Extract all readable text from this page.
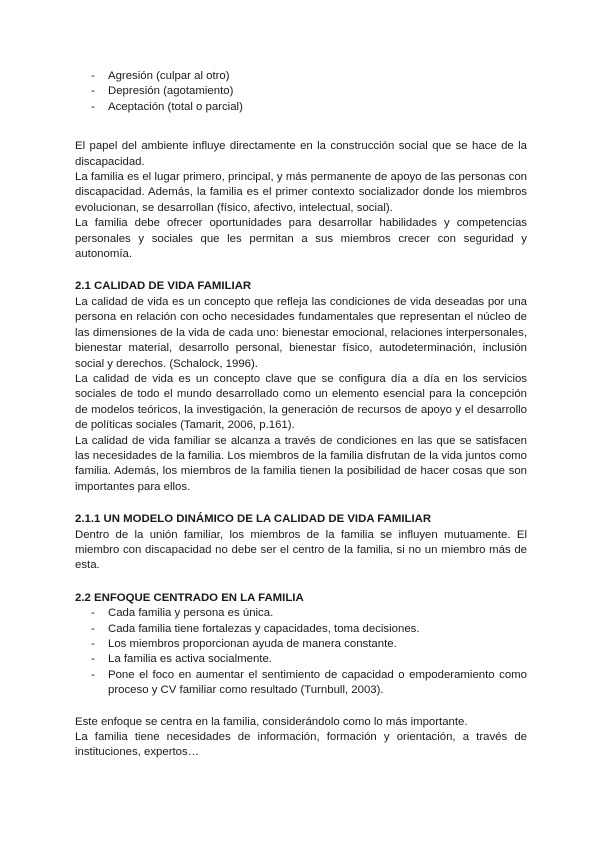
- Agresión (culpar al otro)
- Depresión (agotamiento)
- Aceptación (total o parcial)

El papel del ambiente influye directamente en la construcción social que se hace de la discapacidad.

La familia es el lugar primero, principal, y más permanente de apoyo de las personas con discapacidad. Además, la familia es el primer contexto socializador donde los miembros evolucionan, se desarrollan (físico, afectivo, intelectual, social).

La familia debe ofrecer oportunidades para desarrollar habilidades y competencias personales y sociales que les permitan a sus miembros crecer con seguridad y autonomía.

2.1 CALIDAD DE VIDA FAMILIAR

La calidad de vida es un concepto que refleja las condiciones de vida deseadas por una persona en relación con ocho necesidades fundamentales que representan el núcleo de las dimensiones de la vida de cada uno: bienestar emocional, relaciones interpersonales, bienestar material, desarrollo personal, bienestar físico, autodeterminación, inclusión social y derechos. (Schalock, 1996).

La calidad de vida es un concepto clave que se configura día a día en los servicios sociales de todo el mundo desarrollado como un elemento esencial para la concepción de modelos teóricos, la investigación, la generación de recursos de apoyo y el desarrollo de políticas sociales (Tamarit, 2006, p.161).

La calidad de vida familiar se alcanza a través de condiciones en las que se satisfacen las necesidades de la familia. Los miembros de la familia disfrutan de la vida juntos como familia. Además, los miembros de la familia tienen la posibilidad de hacer cosas que son importantes para ellos.

2.1.1 UN MODELO DINÁMICO DE LA CALIDAD DE VIDA FAMILIAR

Dentro de la unión familiar, los miembros de la familia se influyen mutuamente. El miembro con discapacidad no debe ser el centro de la familia, si no un miembro más de esta.

2.2 ENFOQUE CENTRADO EN LA FAMILIA
- Cada familia y persona es única.
- Cada familia tiene fortalezas y capacidades, toma decisiones.
- Los miembros proporcionan ayuda de manera constante.
- La familia es activa socialmente.
- Pone el foco en aumentar el sentimiento de capacidad o empoderamiento como proceso y CV familiar como resultado (Turnbull, 2003).

Este enfoque se centra en la familia, considerándolo como lo más importante.

La familia tiene necesidades de información, formación y orientación, a través de instituciones, expertos…
